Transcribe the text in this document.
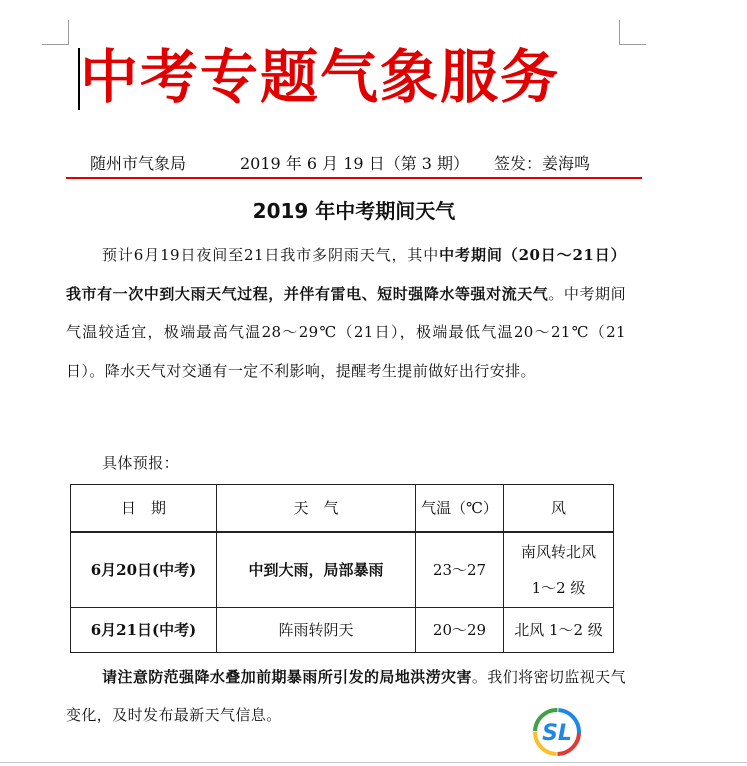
中考专题气象服务
随州市气象局	2019 年 6 月 19 日（第 3 期） 签发：姜海鸣
2019 年中考期间天气
预计6月19日夜间至21日我市多阴雨天气，其中中考期间（20日～21日）我市有一次中到大雨天气过程，并伴有雷电、短时强降水等强对流天气。中考期间气温较适宜，极端最高气温28～29℃（21日），极端最低气温20～21℃（21日）。降水天气对交通有一定不利影响，提醒考生提前做好出行安排。
具体预报：
日　期	天　气	气温（℃）	风
6月20日(中考)	中到大雨，局部暴雨	23～27	南风转北风
1～2 级

6月21日(中考)	阵雨转阴天	20～29	北风 1～2 级
请注意防范强降水叠加前期暴雨所引发的局地洪涝灾害。我们将密切监视天气变化，及时发布最新天气信息。
SL
